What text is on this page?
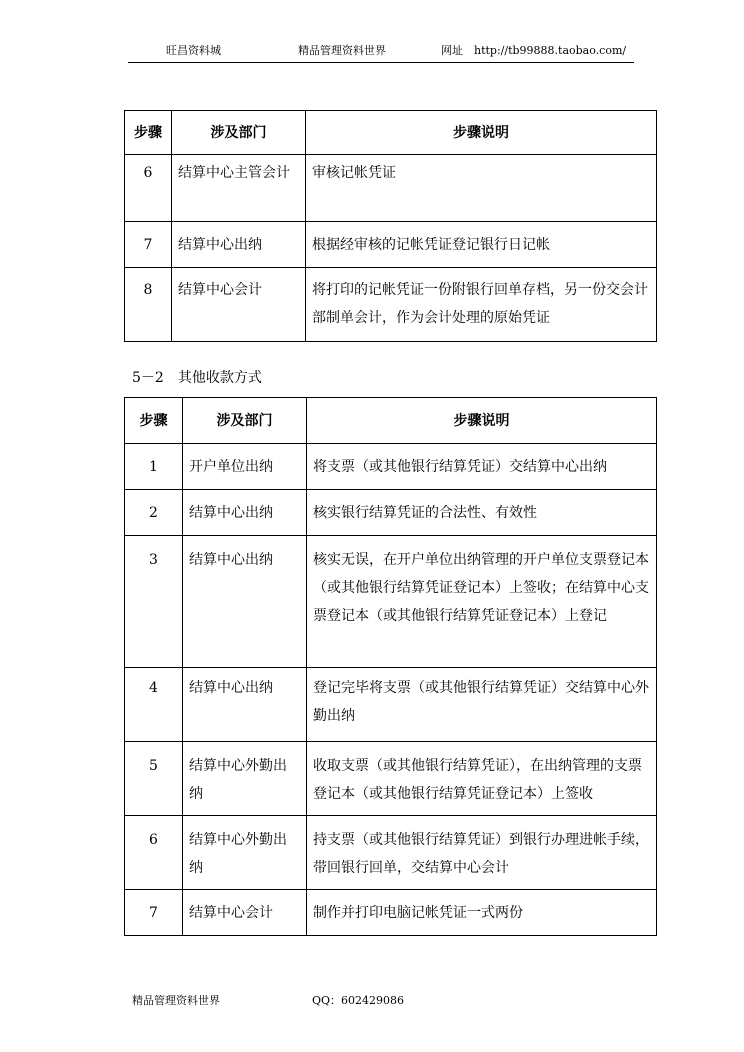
旺昌资料城	精品管理资料世界	网址　http://tb99888.taobao.com/
步骤	涉及部门	步骤说明
6	结算中心主管会计	审核记帐凭证
7	结算中心出纳	根据经审核的记帐凭证登记银行日记帐
8	结算中心会计	将打印的记帐凭证一份附银行回单存档，另一份交会计部制单会计，作为会计处理的原始凭证
5－2　其他收款方式
步骤	涉及部门	步骤说明
1	开户单位出纳	将支票（或其他银行结算凭证）交结算中心出纳
2	结算中心出纳	核实银行结算凭证的合法性、有效性
3	结算中心出纳	核实无误，在开户单位出纳管理的开户单位支票登记本（或其他银行结算凭证登记本）上签收；在结算中心支票登记本（或其他银行结算凭证登记本）上登记
4	结算中心出纳	登记完毕将支票（或其他银行结算凭证）交结算中心外勤出纳
5	结算中心外勤出纳	收取支票（或其他银行结算凭证），在出纳管理的支票登记本（或其他银行结算凭证登记本）上签收
6	结算中心外勤出纳	持支票（或其他银行结算凭证）到银行办理进帐手续，带回银行回单，交结算中心会计
7	结算中心会计	制作并打印电脑记帐凭证一式两份
精品管理资料世界	QQ：602429086
